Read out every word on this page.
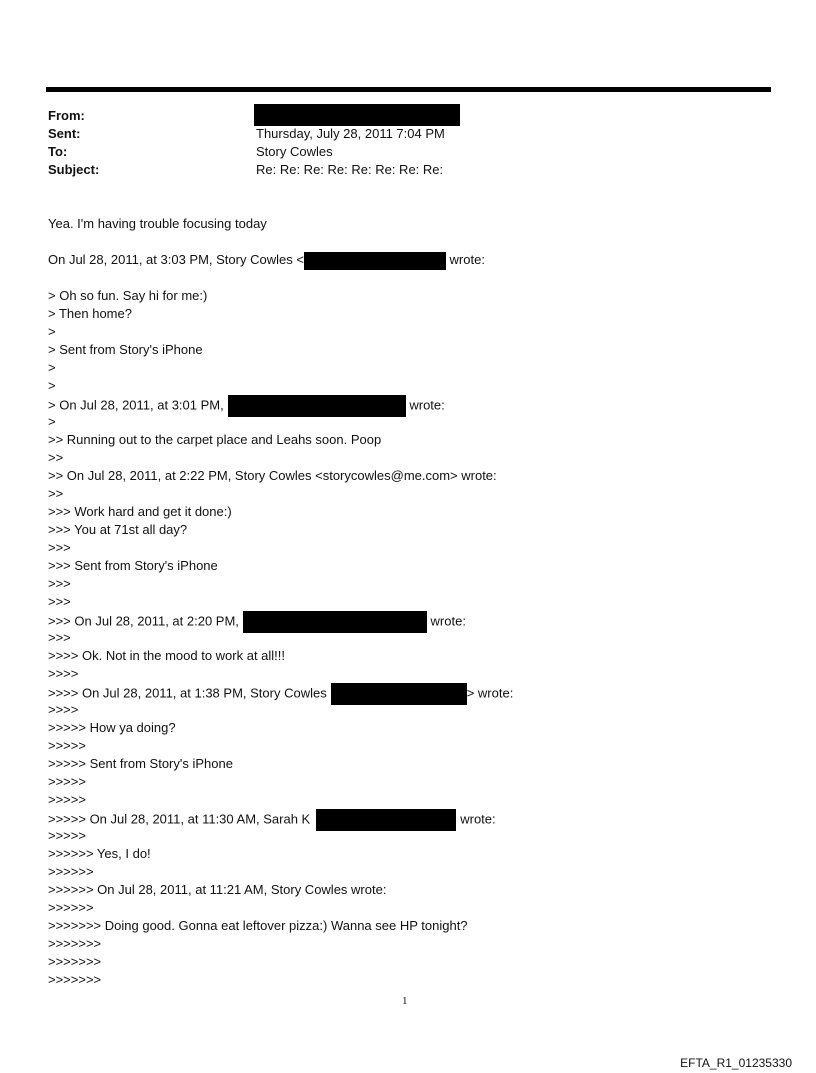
From:
Sent:	Thursday, July 28, 2011 7:04 PM
To:	Story Cowles
Subject:	Re: Re: Re: Re: Re: Re: Re: Re:
Yea. I'm having trouble focusing today
On Jul 28, 2011, at 3:03 PM, Story Cowles <	wrote:
> Oh so fun. Say hi for me:)
> Then home?
>
> Sent from Story's iPhone
>
>
> On Jul 28, 2011, at 3:01 PM,	wrote:
>
>> Running out to the carpet place and Leahs soon. Poop
>>
>> On Jul 28, 2011, at 2:22 PM, Story Cowles <storycowles@me.com> wrote:
>>
>>> Work hard and get it done:)
>>> You at 71st all day?
>>>
>>> Sent from Story's iPhone
>>>
>>>
>>> On Jul 28, 2011, at 2:20 PM,	wrote:
>>>
>>>> Ok. Not in the mood to work at all!!!
>>>>
>>>> On Jul 28, 2011, at 1:38 PM, Story Cowles	> wrote:
>>>>
>>>>> How ya doing?
>>>>>
>>>>> Sent from Story's iPhone
>>>>>
>>>>>
>>>>> On Jul 28, 2011, at 11:30 AM, Sarah K	wrote:
>>>>>
>>>>>> Yes, I do!
>>>>>>
>>>>>> On Jul 28, 2011, at 11:21 AM, Story Cowles wrote:
>>>>>>
>>>>>>> Doing good. Gonna eat leftover pizza:) Wanna see HP tonight?
>>>>>>>
>>>>>>>
>>>>>>>
1
EFTA_R1_01235330
